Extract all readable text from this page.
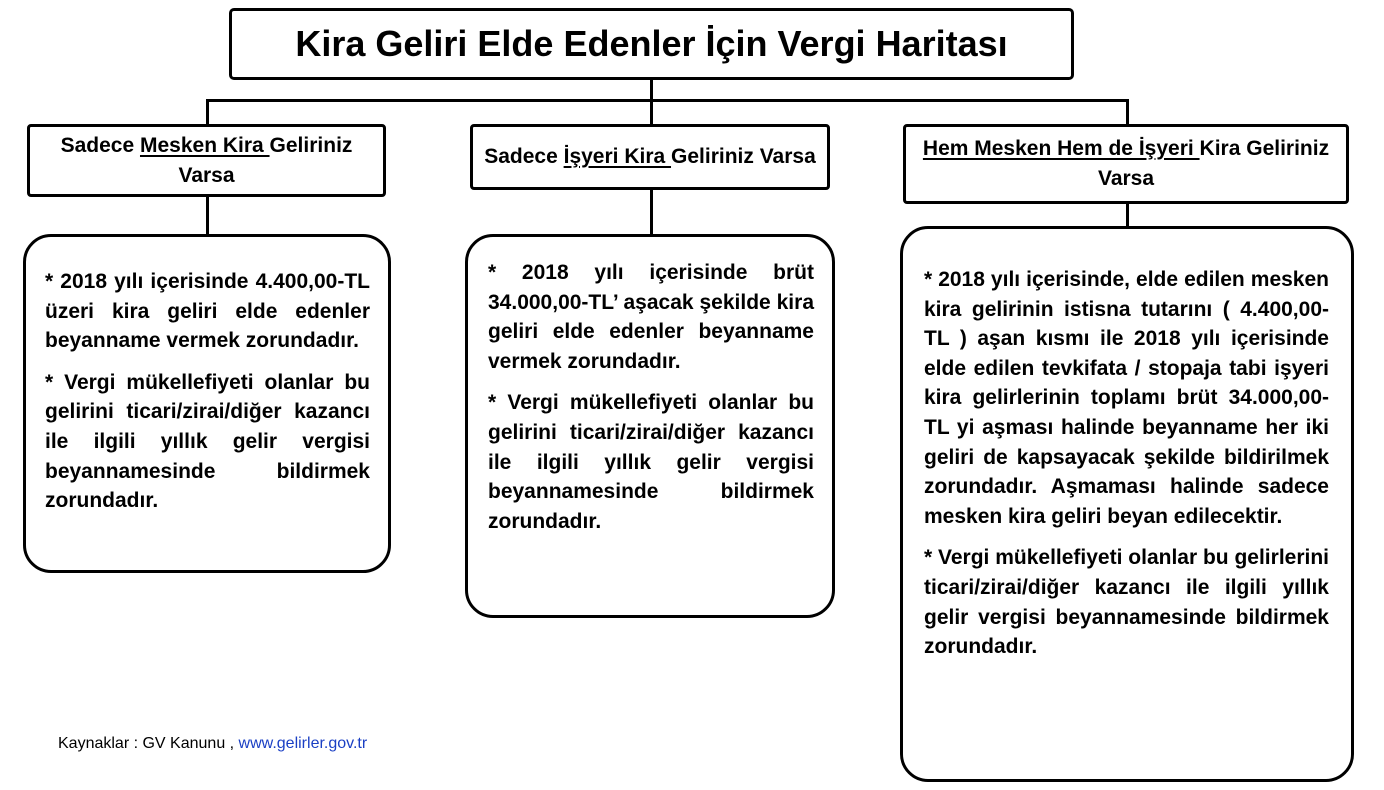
Kira Geliri Elde Edenler İçin Vergi Haritası
Sadece Mesken Kira Geliriniz Varsa
Sadece İşyeri Kira Geliriniz Varsa	Hem Mesken Hem de İşyeri Kira Geliriniz Varsa

* 2018 yılı içerisinde 4.400,00-TL üzeri kira geliri elde edenler beyanname vermek zorundadır.

* Vergi mükellefiyeti olanlar bu gelirini ticari/zirai/diğer kazancı ile ilgili yıllık gelir vergisi beyannamesinde bildirmek zorundadır.

* 2018 yılı içerisinde brüt 34.000,00-TL’ aşacak şekilde kira geliri elde edenler beyanname vermek zorundadır.

* Vergi mükellefiyeti olanlar bu gelirini ticari/zirai/diğer kazancı ile ilgili yıllık gelir vergisi beyannamesinde bildirmek zorundadır.

* 2018 yılı içerisinde, elde edilen mesken kira gelirinin istisna tutarını ( 4.400,00-TL ) aşan kısmı ile 2018 yılı içerisinde elde edilen tevkifata / stopaja tabi işyeri kira gelirlerinin toplamı brüt 34.000,00-TL yi aşması halinde beyanname her iki geliri de kapsayacak şekilde bildirilmek zorundadır. Aşmaması halinde sadece mesken kira geliri beyan edilecektir.

* Vergi mükellefiyeti olanlar bu gelirlerini ticari/zirai/diğer kazancı ile ilgili yıllık gelir vergisi beyannamesinde bildirmek zorundadır.

Kaynaklar : GV Kanunu , www.gelirler.gov.tr
